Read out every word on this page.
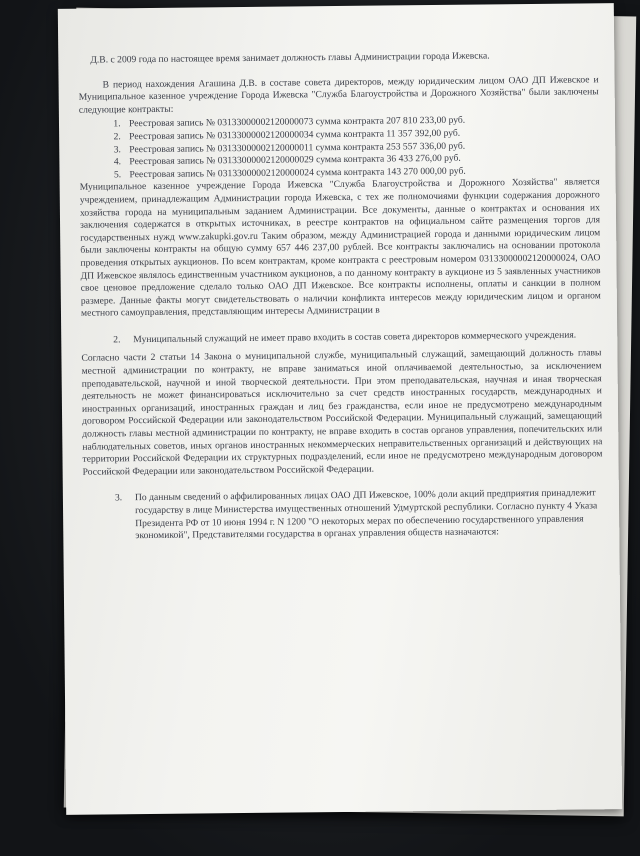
Д.В. с 2009 года по настоящее время занимает должность главы Администрации города Ижевска.

В период нахождения Агашина Д.В. в составе совета директоров, между юридическим лицом ОАО ДП Ижевское и Муниципальное казенное учреждение Города Ижевска "Служба Благоустройства и Дорожного Хозяйства" были заключены следующие контракты:

1. Реестровая запись № 03133000002120000073 сумма контракта 207 810 233,00 руб.
2. Реестровая запись № 03133000002120000034 сумма контракта 11 357 392,00 руб.
3. Реестровая запись № 03133000002120000011 сумма контракта 253 557 336,00 руб.
4. Реестровая запись № 03133000002120000029 сумма контракта 36 433 276,00 руб.
5. Реестровая запись № 03133000002120000024 сумма контракта 143 270 000,00 руб.

Муниципальное казенное учреждение Города Ижевска "Служба Благоустройства и Дорожного Хозяйства" является учреждением, принадлежащим Администрации города Ижевска, с тех же полномочиями функции содержания дорожного хозяйства города на муниципальным заданием Администрации. Все документы, данные о контрактах и основания их заключения содержатся в открытых источниках, в реестре контрактов на официальном сайте размещения торгов для государственных нужд www.zakupki.gov.ru Таким образом, между Администрацией города и данными юридическим лицом были заключены контракты на общую сумму 657 446 237,00 рублей. Все контракты заключались на основании протокола проведения открытых аукционов. По всем контрактам, кроме контракта с реестровым номером 03133000002120000024, ОАО ДП Ижевское являлось единственным участником аукционов, а по данному контракту в аукционе из 5 заявленных участников свое ценовое предложение сделало только ОАО ДП Ижевское. Все контракты исполнены, оплаты и санкции в полном размере. Данные факты могут свидетельствовать о наличии конфликта интересов между юридическим лицом и органом местного самоуправления, представляющим интересы Администрации в

2.	Муниципальный служащий не имеет право входить в состав совета директоров коммерческого учреждения.

Согласно части 2 статьи 14 Закона о муниципальной службе, муниципальный служащий, замещающий должность главы местной администрации по контракту, не вправе заниматься иной оплачиваемой деятельностью, за исключением преподавательской, научной и иной творческой деятельности. При этом преподавательская, научная и иная творческая деятельность не может финансироваться исключительно за счет средств иностранных государств, международных и иностранных организаций, иностранных граждан и лиц без гражданства, если иное не предусмотрено международным договором Российской Федерации или законодательством Российской Федерации. Муниципальный служащий, замещающий должность главы местной администрации по контракту, не вправе входить в состав органов управления, попечительских или наблюдательных советов, иных органов иностранных некоммерческих неправительственных организаций и действующих на территории Российской Федерации их структурных подразделений, если иное не предусмотрено международным договором Российской Федерации или законодательством Российской Федерации.

3.	По данным сведений о аффилированных лицах ОАО ДП Ижевское, 100% доли акций предприятия принадлежит государству в лице Министерства имущественных отношений Удмуртской республики. Согласно пункту 4 Указа Президента РФ от 10 июня 1994 г. N 1200 "О некоторых мерах по обеспечению государственного управления экономикой", Представителями государства в органах управления обществ назначаются:
